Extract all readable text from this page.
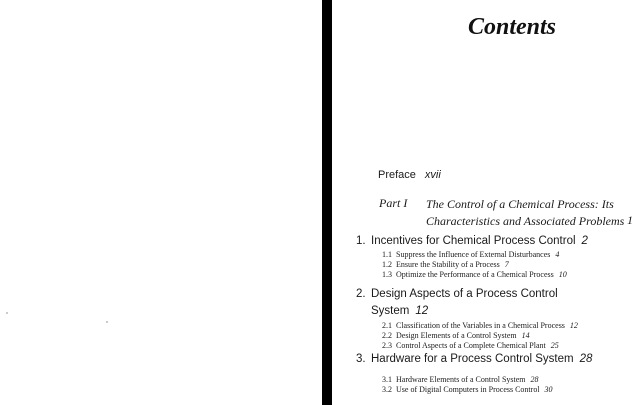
Contents
Preface xvii
Part I The Control of a Chemical Process: Its
Characteristics and Associated Problems 1
1. Incentives for Chemical Process Control 2
1.1 Suppress the Influence of External Disturbances 4
1.2 Ensure the Stability of a Process 7
1.3 Optimize the Performance of a Chemical Process 10
2. Design Aspects of a Process Control
System 12
2.1 Classification of the Variables in a Chemical Process 12
2.2 Design Elements of a Control System 14
2.3 Control Aspects of a Complete Chemical Plant 25
3. Hardware for a Process Control System 28
3.1 Hardware Elements of a Control System 28
3.2 Use of Digital Computers in Process Control 30
